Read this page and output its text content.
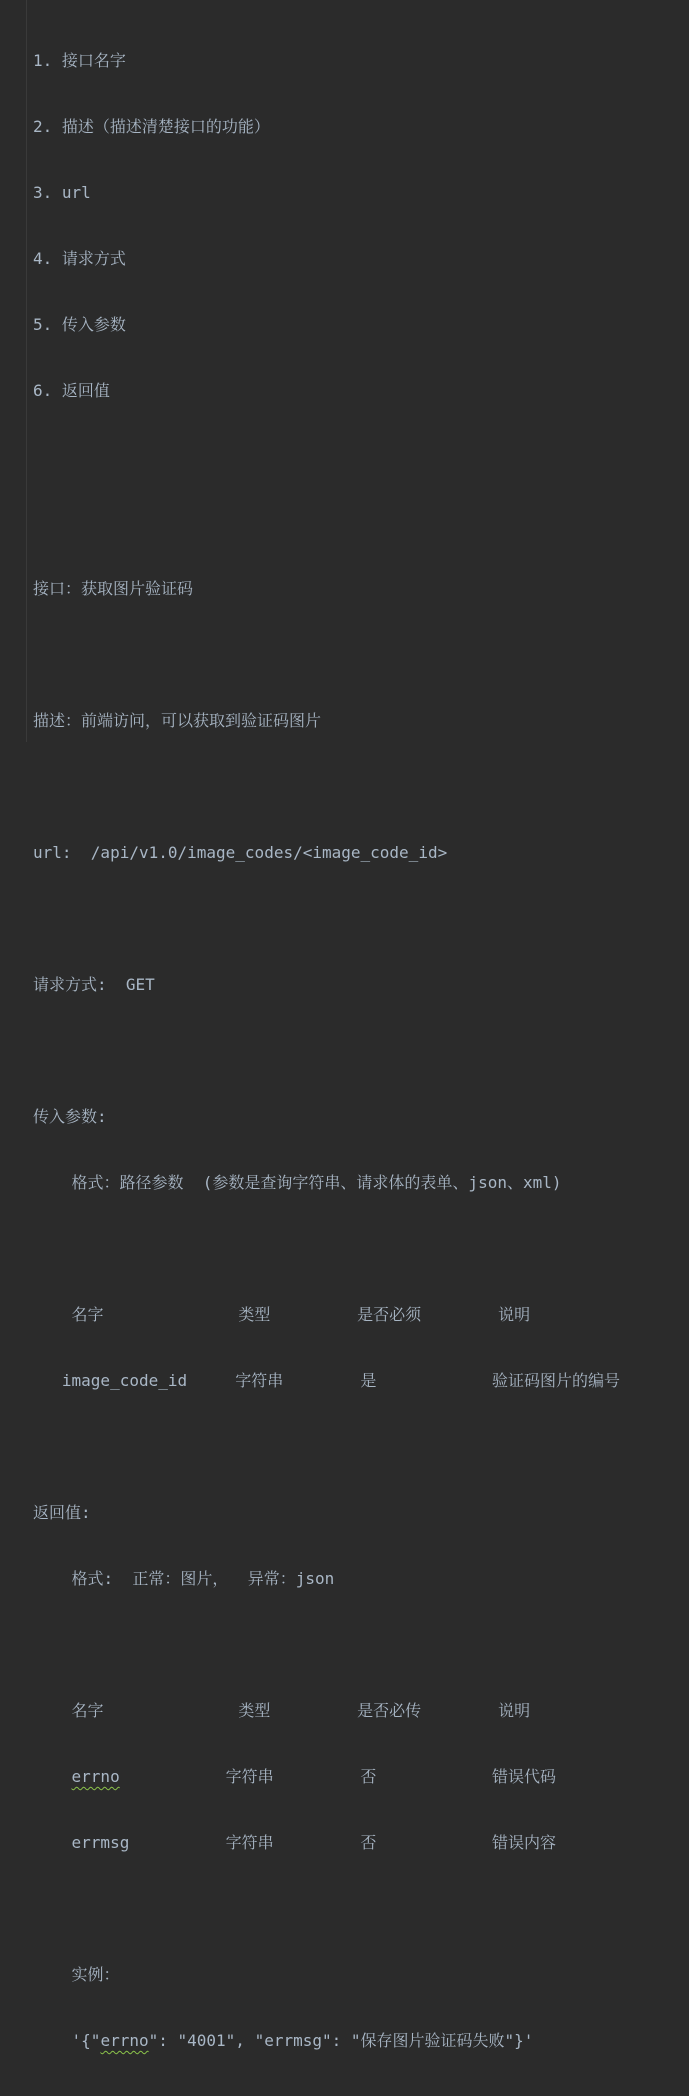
1. 接口名字

2. 描述（描述清楚接口的功能）

3. url

4. 请求方式

5. 传入参数

6. 返回值

接口：获取图片验证码

描述：前端访问，可以获取到验证码图片

url:  /api/v1.0/image_codes/<image_code_id>

请求方式:  GET

传入参数:

格式：路径参数  (参数是查询字符串、请求体的表单、json、xml)

名字              类型         是否必须        说明

image_code_id     字符串        是            验证码图片的编号

返回值:

格式:  正常：图片，  异常：json

名字              类型         是否必传        说明

errno           字符串         否            错误代码

errmsg          字符串         否            错误内容

实例：

'{"errno": "4001", "errmsg": "保存图片验证码失败"}'
